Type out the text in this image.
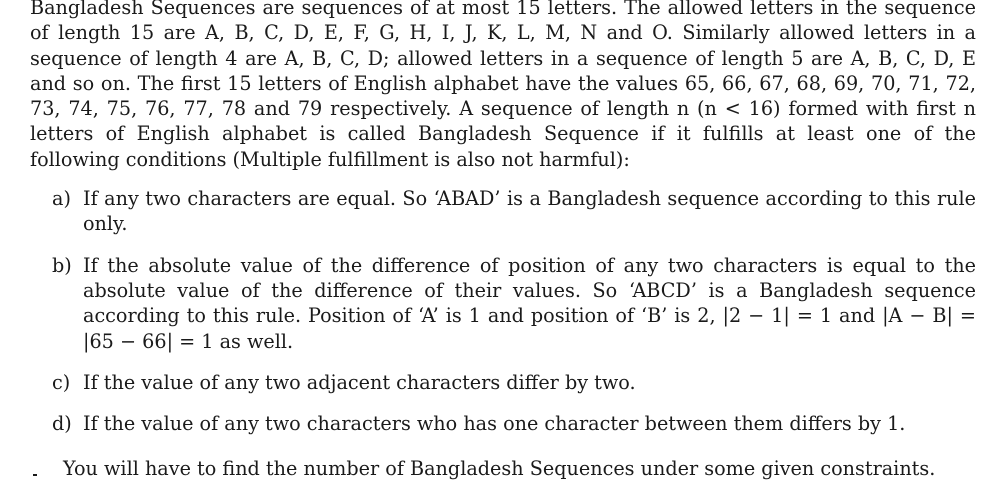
Bangladesh Sequences are sequences of at most 15 letters. The allowed letters in the sequence of length 15 are A, B, C, D, E, F, G, H, I, J, K, L, M, N and O. Similarly allowed letters in a sequence of length 4 are A, B, C, D; allowed letters in a sequence of length 5 are A, B, C, D, E and so on. The first 15 letters of English alphabet have the values 65, 66, 67, 68, 69, 70, 71, 72, 73, 74, 75, 76, 77, 78 and 79 respectively. A sequence of length n (n < 16) formed with first n letters of English alphabet is called Bangladesh Sequence if it fulfills at least one of the following conditions (Multiple fulfillment is also not harmful):

a) If any two characters are equal. So ‘ABAD’ is a Bangladesh sequence according to this rule only.
b) If the absolute value of the difference of position of any two characters is equal to the absolute value of the difference of their values. So ‘ABCD’ is a Bangladesh sequence according to this rule. Position of ‘A’ is 1 and position of ‘B’ is 2, |2 − 1| = 1 and |A − B| = |65 − 66| = 1 as well.
c) If the value of any two adjacent characters differ by two.
d) If the value of any two characters who has one character between them differs by 1.

You will have to find the number of Bangladesh Sequences under some given constraints.
